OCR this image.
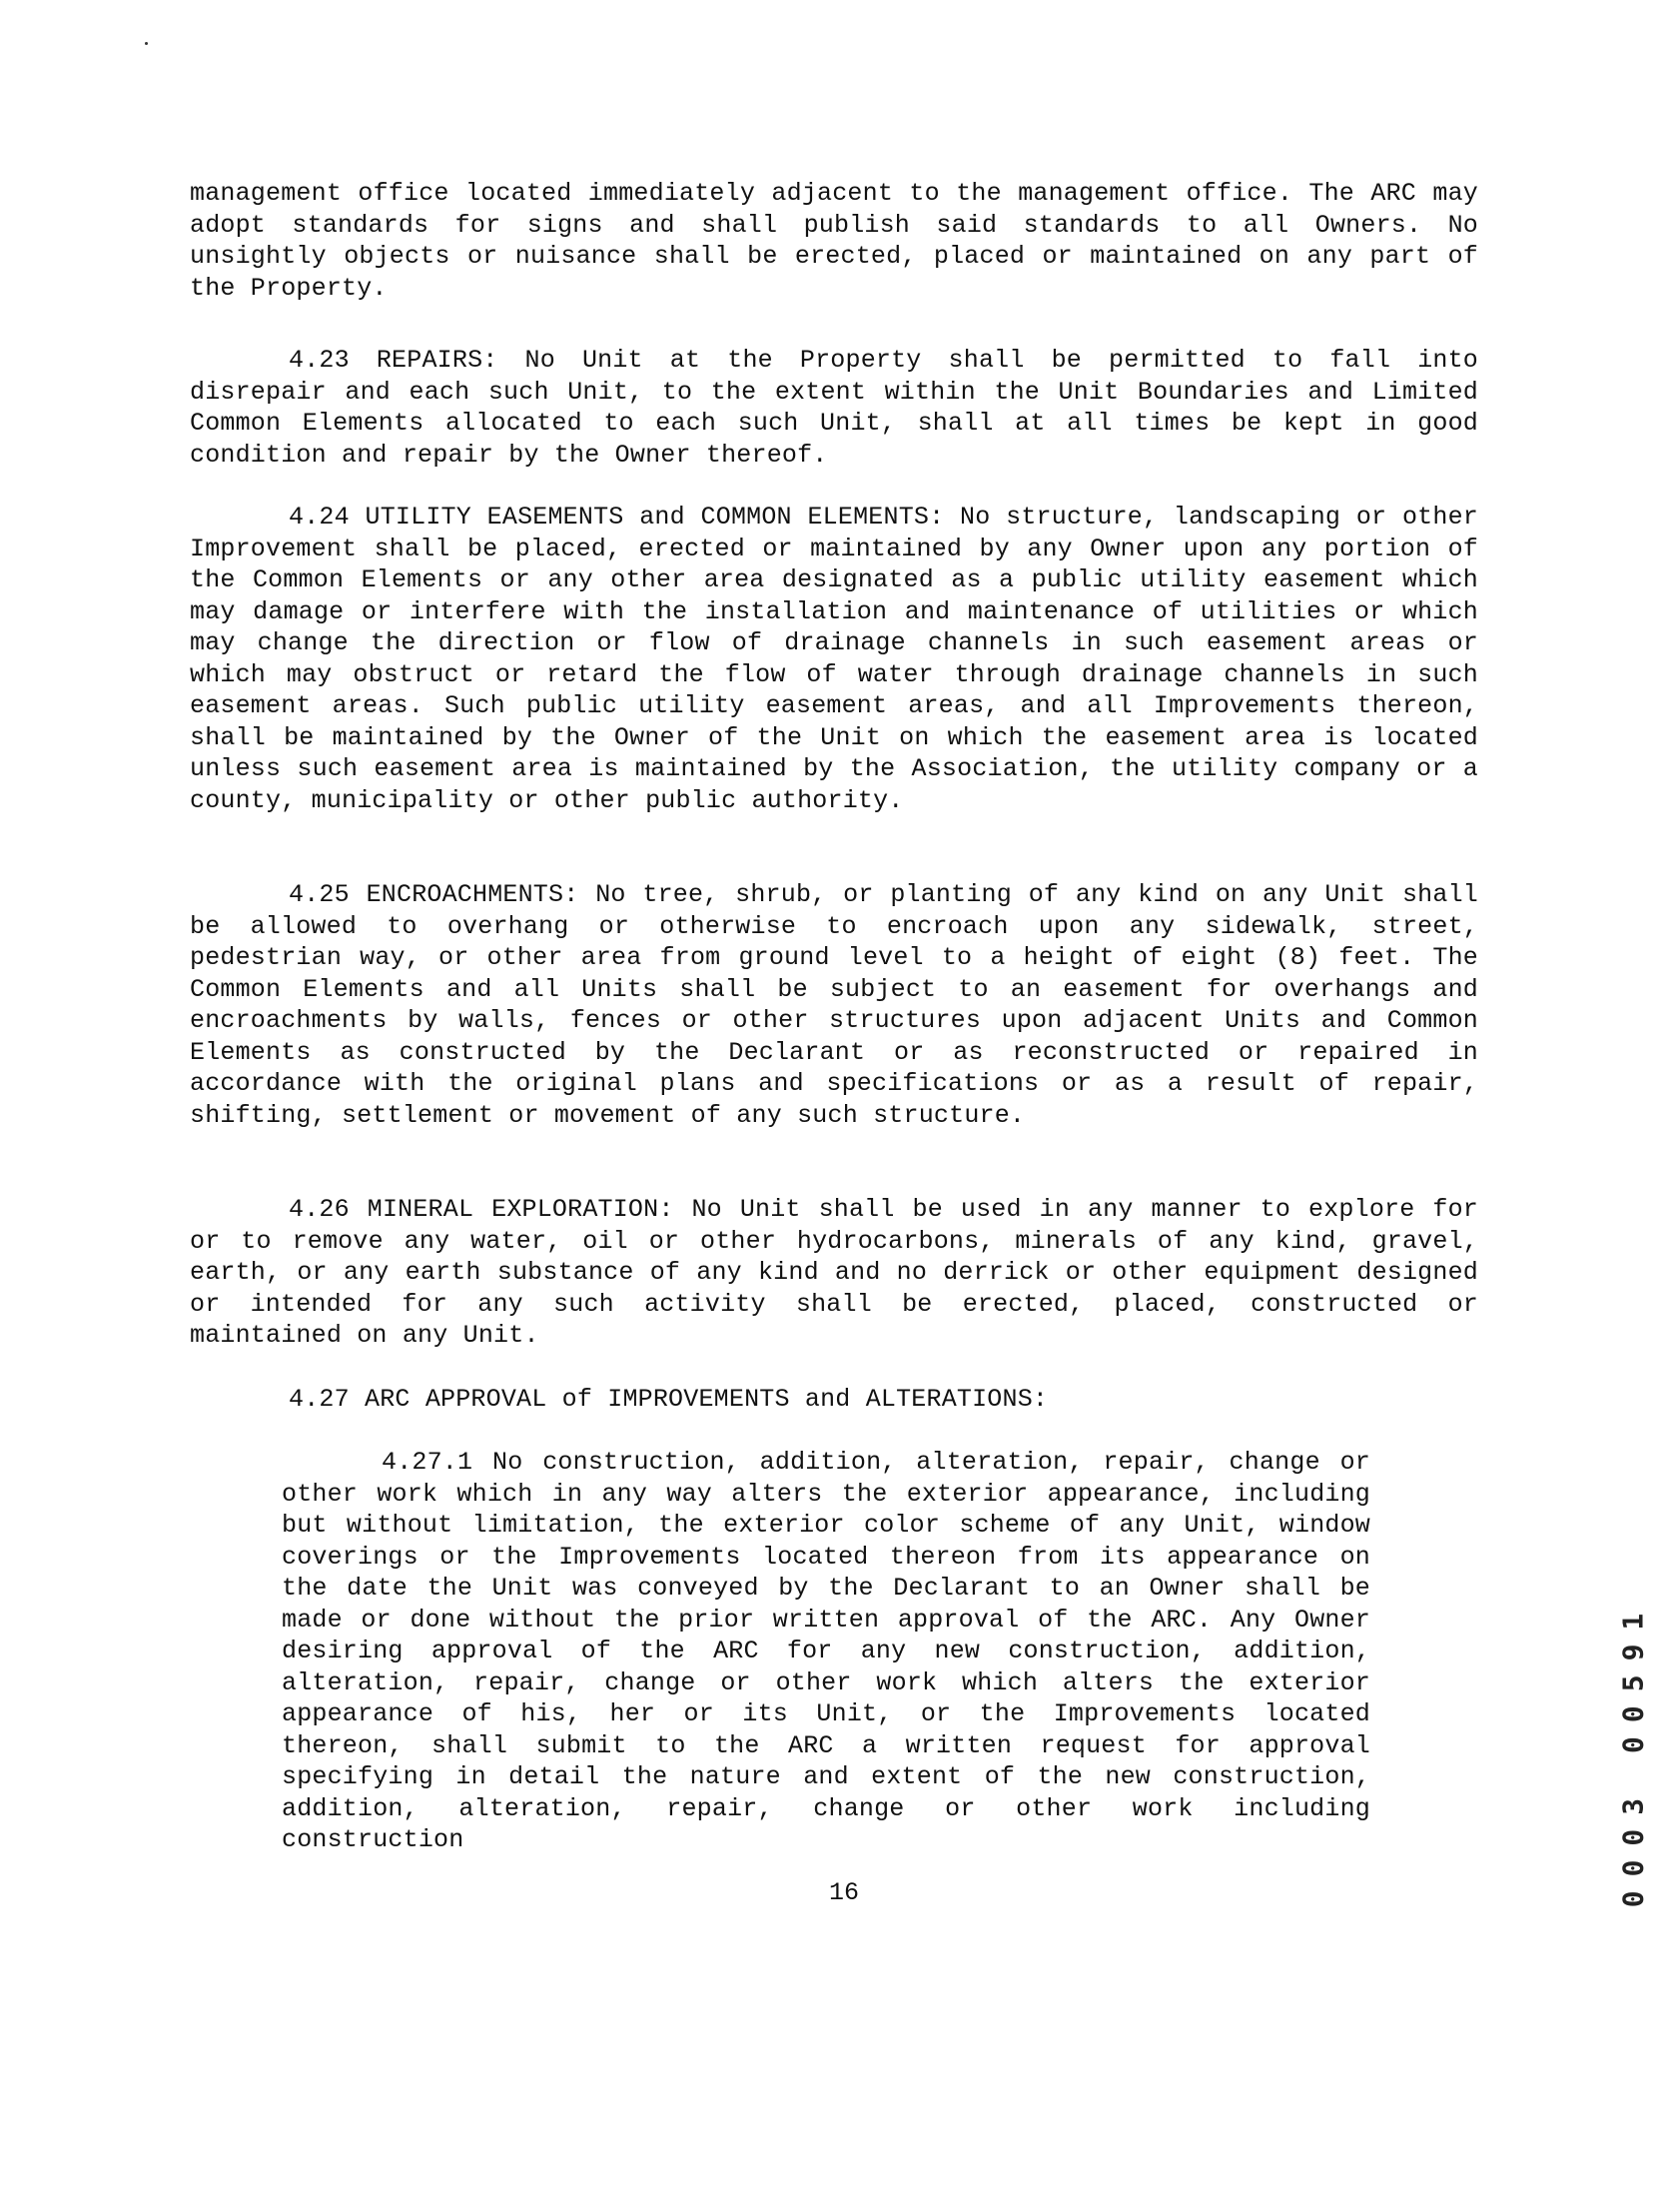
management office located immediately adjacent to the management office. The ARC may adopt standards for signs and shall publish said standards to all Owners. No unsightly objects or nuisance shall be erected, placed or maintained on any part of the Property.

4.23 REPAIRS: No Unit at the Property shall be permitted to fall into disrepair and each such Unit, to the extent within the Unit Boundaries and Limited Common Elements allocated to each such Unit, shall at all times be kept in good condition and repair by the Owner thereof.

4.24 UTILITY EASEMENTS and COMMON ELEMENTS: No structure, landscaping or other Improvement shall be placed, erected or maintained by any Owner upon any portion of the Common Elements or any other area designated as a public utility easement which may damage or interfere with the installation and maintenance of utilities or which may change the direction or flow of drainage channels in such easement areas or which may obstruct or retard the flow of water through drainage channels in such easement areas. Such public utility easement areas, and all Improvements thereon, shall be maintained by the Owner of the Unit on which the easement area is located unless such easement area is maintained by the Association, the utility company or a county, municipality or other public authority.

4.25 ENCROACHMENTS: No tree, shrub, or planting of any kind on any Unit shall be allowed to overhang or otherwise to encroach upon any sidewalk, street, pedestrian way, or other area from ground level to a height of eight (8) feet. The Common Elements and all Units shall be subject to an easement for overhangs and encroachments by walls, fences or other structures upon adjacent Units and Common Elements as constructed by the Declarant or as reconstructed or repaired in accordance with the original plans and specifications or as a result of repair, shifting, settlement or movement of any such structure.

4.26 MINERAL EXPLORATION: No Unit shall be used in any manner to explore for or to remove any water, oil or other hydrocarbons, minerals of any kind, gravel, earth, or any earth substance of any kind and no derrick or other equipment designed or intended for any such activity shall be erected, placed, constructed or maintained on any Unit.

4.27 ARC APPROVAL of IMPROVEMENTS and ALTERATIONS:

4.27.1 No construction, addition, alteration, repair, change or other work which in any way alters the exterior appearance, including but without limitation, the exterior color scheme of any Unit, window coverings or the Improvements located thereon from its appearance on the date the Unit was conveyed by the Declarant to an Owner shall be made or done without the prior written approval of the ARC. Any Owner desiring approval of the ARC for any new construction, addition, alteration, repair, change or other work which alters the exterior appearance of his, her or its Unit, or the Improvements located thereon, shall submit to the ARC a written request for approval specifying in detail the nature and extent of the new construction, addition, alteration, repair, change or other work including construction

16	0003 00591
